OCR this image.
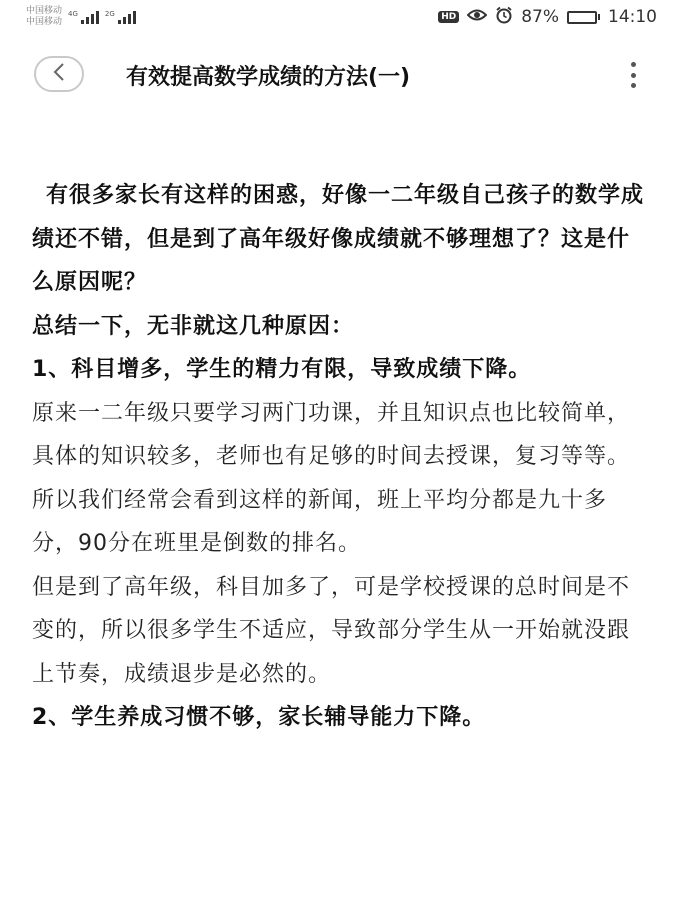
中国移动
中国移动
4G	2G	HD	87%	14:10
有效提高数学成绩的方法(一)

有很多家长有这样的困惑，好像一二年级自己孩子的数学成绩还不错，但是到了高年级好像成绩就不够理想了？这是什么原因呢？

总结一下，无非就这几种原因：

1、科目增多，学生的精力有限，导致成绩下降。

原来一二年级只要学习两门功课，并且知识点也比较简单，具体的知识较多，老师也有足够的时间去授课，复习等等。所以我们经常会看到这样的新闻，班上平均分都是九十多分，90分在班里是倒数的排名。

但是到了高年级，科目加多了，可是学校授课的总时间是不变的，所以很多学生不适应，导致部分学生从一开始就没跟上节奏，成绩退步是必然的。

2、学生养成习惯不够，家长辅导能力下降。
